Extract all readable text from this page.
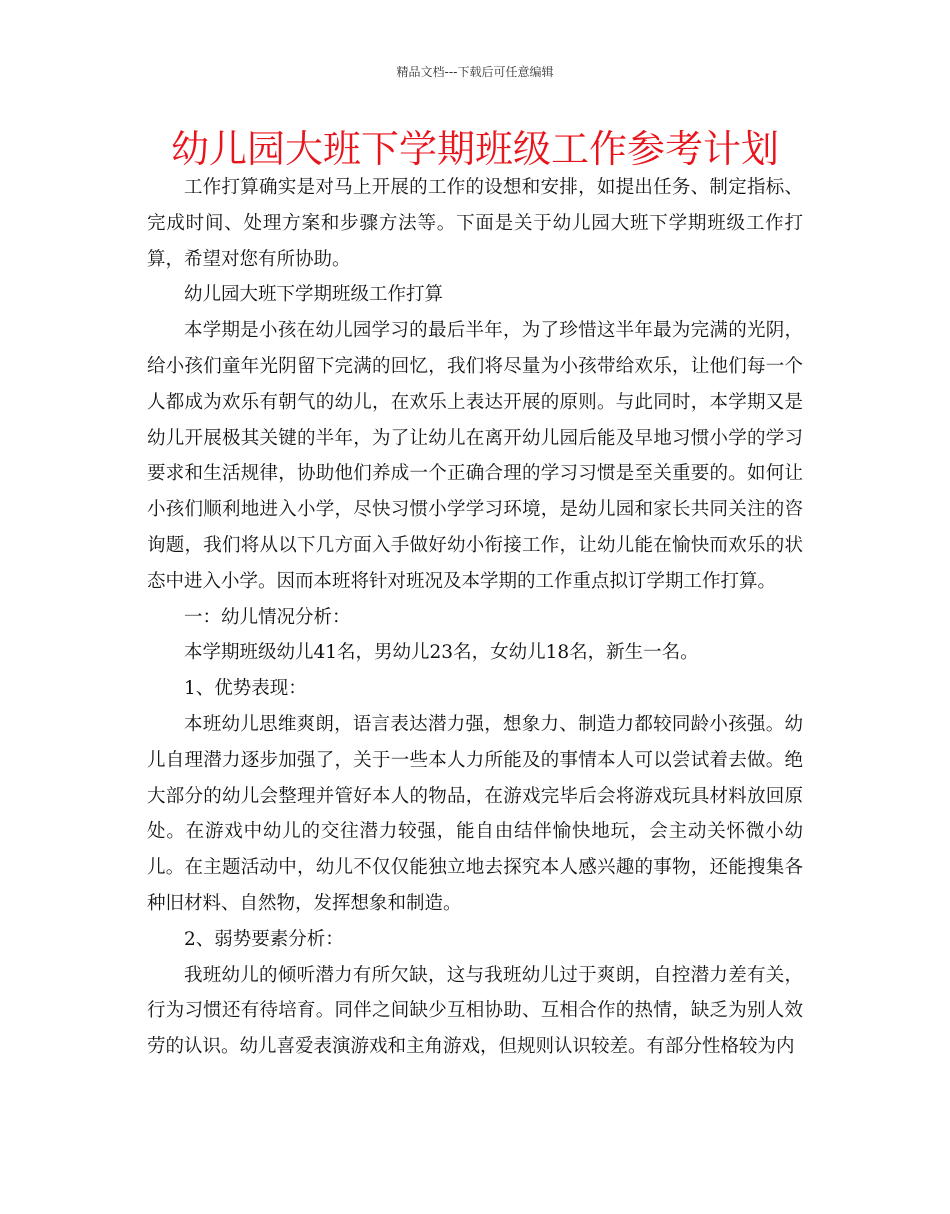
精品文档---下载后可任意编辑
幼儿园大班下学期班级工作参考计划

工作打算确实是对马上开展的工作的设想和安排，如提出任务、制定指标、完成时间、处理方案和步骤方法等。下面是关于幼儿园大班下学期班级工作打算，希望对您有所协助。

幼儿园大班下学期班级工作打算

本学期是小孩在幼儿园学习的最后半年，为了珍惜这半年最为完满的光阴，给小孩们童年光阴留下完满的回忆，我们将尽量为小孩带给欢乐，让他们每一个人都成为欢乐有朝气的幼儿，在欢乐上表达开展的原则。与此同时，本学期又是幼儿开展极其关键的半年，为了让幼儿在离开幼儿园后能及早地习惯小学的学习要求和生活规律，协助他们养成一个正确合理的学习习惯是至关重要的。如何让小孩们顺利地进入小学，尽快习惯小学学习环境，是幼儿园和家长共同关注的咨询题，我们将从以下几方面入手做好幼小衔接工作，让幼儿能在愉快而欢乐的状态中进入小学。因而本班将针对班况及本学期的工作重点拟订学期工作打算。

一：幼儿情况分析：

本学期班级幼儿41名，男幼儿23名，女幼儿18名，新生一名。

1、优势表现：

本班幼儿思维爽朗，语言表达潜力强，想象力、制造力都较同龄小孩强。幼儿自理潜力逐步加强了，关于一些本人力所能及的事情本人可以尝试着去做。绝大部分的幼儿会整理并管好本人的物品，在游戏完毕后会将游戏玩具材料放回原处。在游戏中幼儿的交往潜力较强，能自由结伴愉快地玩，会主动关怀微小幼儿。在主题活动中，幼儿不仅仅能独立地去探究本人感兴趣的事物，还能搜集各种旧材料、自然物，发挥想象和制造。

2、弱势要素分析：

我班幼儿的倾听潜力有所欠缺，这与我班幼儿过于爽朗，自控潜力差有关，行为习惯还有待培育。同伴之间缺少互相协助、互相合作的热情，缺乏为别人效劳的认识。幼儿喜爱表演游戏和主角游戏，但规则认识较差。有部分性格较为内
